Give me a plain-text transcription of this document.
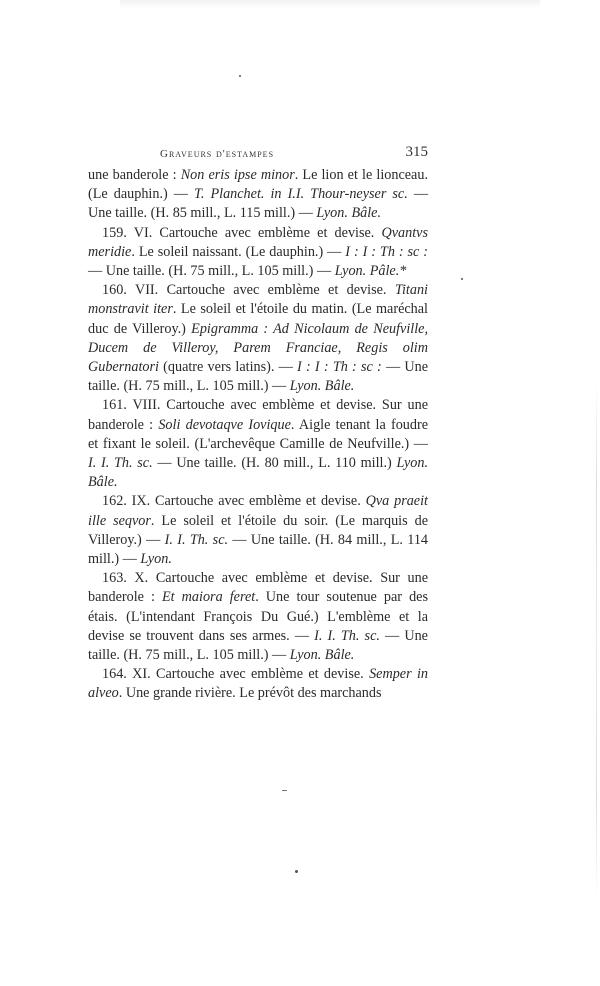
Graveurs d'estampes	315

une banderole : Non eris ipse minor. Le lion et le lionceau. (Le dauphin.) — T. Planchet. in I.I. Thour-neyser sc. — Une taille. (H. 85 mill., L. 115 mill.) — Lyon. Bâle.

159. VI. Cartouche avec emblème et devise. Qvantvs meridie. Le soleil naissant. (Le dauphin.) — I : I : Th : sc : — Une taille. (H. 75 mill., L. 105 mill.) — Lyon. Pâle.*

160. VII. Cartouche avec emblème et devise. Titani monstravit iter. Le soleil et l'étoile du matin. (Le maréchal duc de Villeroy.) Epigramma : Ad Nicolaum de Neufville, Ducem de Villeroy, Parem Franciae, Regis olim Gubernatori (quatre vers latins). — I : I : Th : sc : — Une taille. (H. 75 mill., L. 105 mill.) — Lyon. Bâle.

161. VIII. Cartouche avec emblème et devise. Sur une banderole : Soli devotaqve Iovique. Aigle tenant la foudre et fixant le soleil. (L'archevêque Camille de Neufville.) — I. I. Th. sc. — Une taille. (H. 80 mill., L. 110 mill.) Lyon. Bâle.

162. IX. Cartouche avec emblème et devise. Qva praeit ille seqvor. Le soleil et l'étoile du soir. (Le marquis de Villeroy.) — I. I. Th. sc. — Une taille. (H. 84 mill., L. 114 mill.) — Lyon.

163. X. Cartouche avec emblème et devise. Sur une banderole : Et maiora feret. Une tour soutenue par des étais. (L'intendant François Du Gué.) L'emblème et la devise se trouvent dans ses armes. — I. I. Th. sc. — Une taille. (H. 75 mill., L. 105 mill.) — Lyon. Bâle.

164. XI. Cartouche avec emblème et devise. Semper in alveo. Une grande rivière. Le prévôt des marchands
